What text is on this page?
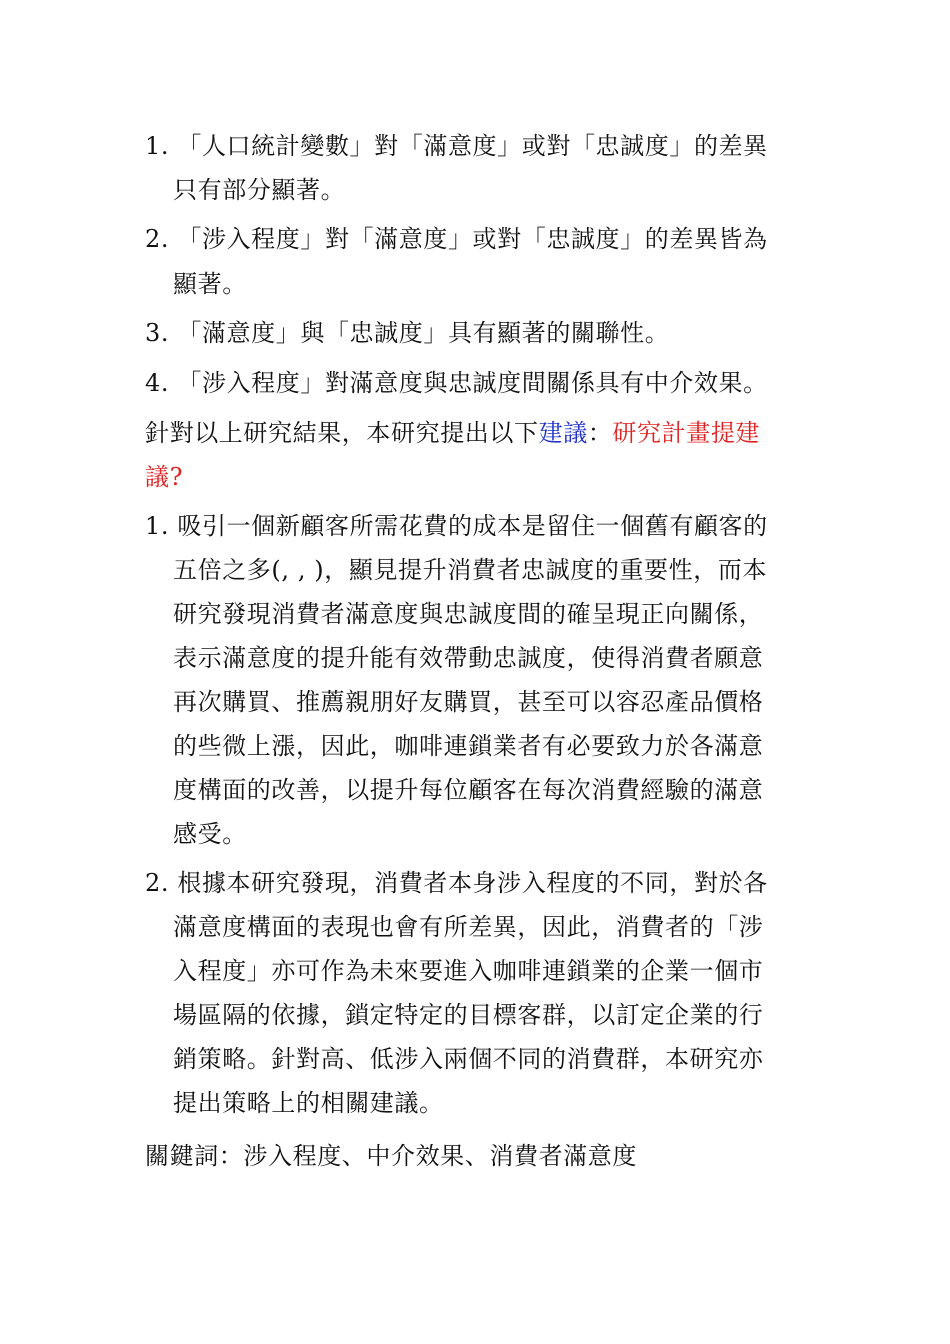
1. 「人口統計變數」對「滿意度」或對「忠誠度」的差異
只有部分顯著。
2. 「涉入程度」對「滿意度」或對「忠誠度」的差異皆為
顯著。
3. 「滿意度」與「忠誠度」具有顯著的關聯性。
4. 「涉入程度」對滿意度與忠誠度間關係具有中介效果。
針對以上研究結果，本研究提出以下建議：研究計畫提建
議?
1. 吸引一個新顧客所需花費的成本是留住一個舊有顧客的
五倍之多(, , )，顯見提升消費者忠誠度的重要性，而本
研究發現消費者滿意度與忠誠度間的確呈現正向關係，
表示滿意度的提升能有效帶動忠誠度，使得消費者願意
再次購買、推薦親朋好友購買，甚至可以容忍產品價格
的些微上漲，因此，咖啡連鎖業者有必要致力於各滿意
度構面的改善，以提升每位顧客在每次消費經驗的滿意
感受。
2. 根據本研究發現，消費者本身涉入程度的不同，對於各
滿意度構面的表現也會有所差異，因此，消費者的「涉
入程度」亦可作為未來要進入咖啡連鎖業的企業一個市
場區隔的依據，鎖定特定的目標客群，以訂定企業的行
銷策略。針對高、低涉入兩個不同的消費群，本研究亦
提出策略上的相關建議。
關鍵詞：涉入程度、中介效果、消費者滿意度
